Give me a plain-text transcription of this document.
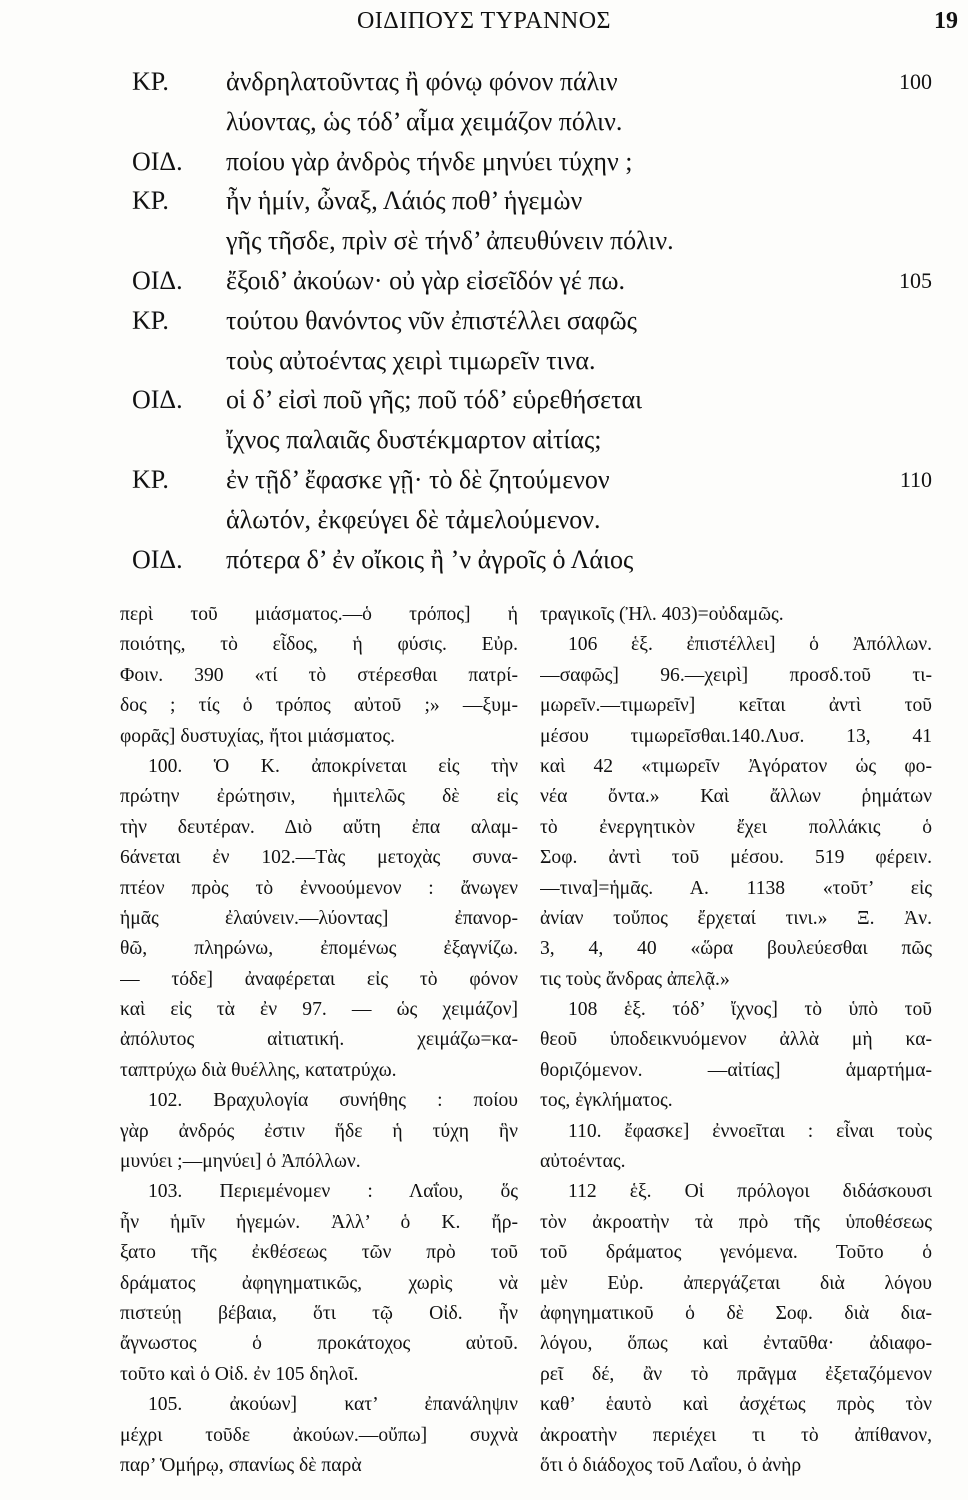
ΟΙΔΙΠΟΥΣ ΤΥΡΑΝΝΟΣ	19
ΚΡ. ἀνδρηλατοῦντας ἢ φόνῳ φόνον πάλιν	100
λύοντας, ὡς τόδ’ αἷμα χειμάζον πόλιν.
ΟΙΔ. ποίου γὰρ ἀνδρὸς τήνδε μηνύει τύχην ;
ΚΡ. ἦν ἡμίν, ὦναξ, Λάιός ποθ’ ἡγεμὼν
γῆς τῆσδε, πρὶν σὲ τήνδ’ ἀπευθύνειν πόλιν.
ΟΙΔ. ἔξοιδ’ ἀκούων· οὐ γὰρ εἰσεῖδόν γέ πω.	105
ΚΡ. τούτου θανόντος νῦν ἐπιστέλλει σαφῶς
τοὺς αὐτοέντας χειρὶ τιμωρεῖν τινα.
ΟΙΔ. οἱ δ’ εἰσὶ ποῦ γῆς; ποῦ τόδ’ εὑρεθήσεται
ἴχνος παλαιᾶς δυστέκμαρτον αἰτίας;
ΚΡ. ἐν τῇδ’ ἔφασκε γῇ· τὸ δὲ ζητούμενον	110
ἁλωτόν, ἐκφεύγει δὲ τἀμελούμενον.
ΟΙΔ. πότερα δ’ ἐν οἴκοις ἢ ’ν ἀγροῖς ὁ Λάιος
περὶ τοῦ μιάσματος.—ὁ τρόπος] ἡ
ποιότης, τὸ εἶδος, ἡ φύσις. Εὐρ.
Φοιν. 390 «τί τὸ στέρεσθαι πατρί-
δος ; τίς ὁ τρόπος αὐτοῦ ;» —ξυμ-
φορᾶς] δυστυχίας, ἤτοι μιάσματος.
100. Ὁ Κ. ἀποκρίνεται εἰς τὴν
πρώτην ἐρώτησιν, ἡμιτελῶς δὲ εἰς
τὴν δευτέραν. Διὸ αὔτη ἐπα αλαμ-
6άνεται ἐν 102.—Τὰς μετοχὰς συνα-
πτέον πρὸς τὸ ἐννοούμενον : ἄνωγεν
ἡμᾶς ἐλαύνειν.—λύοντας] ἐπανορ-
θῶ, πληρώνω, ἐπομένως ἐξαγνίζω.
— τόδε] ἀναφέρεται εἰς τὸ φόνον
καὶ εἰς τὰ ἐν 97. — ὡς χειμάζον]
ἀπόλυτος αἰτιατική. χειμάζω=κα-
ταπτρύχω διὰ θυέλλης, κατατρύχω.
102. Βραχυλογία συνήθης : ποίου
γὰρ ἀνδρός ἐστιν ἥδε ἡ τύχη ἣν
μυνύει ;—μηνύει] ὁ Ἀπόλλων.
103. Περιεμένομεν : Λαΐου, ὅς
ἦν ἡμῖν ἡγεμών. Ἀλλ’ ὁ Κ. ἤρ-
ξατο τῆς ἐκθέσεως τῶν πρὸ τοῦ
δράματος ἀφηγηματικῶς, χωρὶς νὰ
πιστεύῃ βέβαια, ὅτι τῷ Οἰδ. ἦν
ἄγνωστος ὁ προκάτοχος αὐτοῦ.
τοῦτο καὶ ὁ Οἰδ. ἐν 105 δηλοῖ.
105. ἀκούων] κατ’ ἐπανάληψιν
μέχρι τοῦδε ἀκούων.—οὔπω] συχνὰ
παρ’ Ὁμήρῳ, σπανίως δὲ παρὰ
τραγικοῖς (Ἠλ. 403)=οὐδαμῶς.
106 ἑξ. ἐπιστέλλει] ὁ Ἀπόλλων.
—σαφῶς] 96.—χειρὶ] προσδ.τοῦ τι-
μωρεῖν.—τιμωρεῖν] κεῖται ἀντὶ τοῦ
μέσου τιμωρεῖσθαι.140.Λυσ. 13, 41
καὶ 42 «τιμωρεῖν Ἀγόρατον ὡς φο-
νέα ὄντα.» Καὶ ἄλλων ῥημάτων
τὸ ἐνεργητικὸν ἔχει πολλάκις ὁ
Σοφ. ἀντὶ τοῦ μέσου. 519 φέρειν.
—τινα]=ἡμᾶς. Α. 1138 «τοῦτ’ εἰς
ἀνίαν τοὔπος ἔρχεταί τινι.» Ξ. Ἀν.
3, 4, 40 «ὥρα βουλεύεσθαι πῶς
τις τοὺς ἄνδρας ἀπελᾷ.»
108 ἑξ. τόδ’ ἴχνος] τὸ ὑπὸ τοῦ
θεοῦ ὑποδεικνυόμενον ἀλλὰ μὴ κα-
θοριζόμενον. —αἰτίας] ἁμαρτήμα-
τος, ἐγκλήματος.
110. ἔφασκε] ἐννοεῖται : εἶναι τοὺς
αὐτοέντας.
112 ἑξ. Οἱ πρόλογοι διδάσκουσι
τὸν ἀκροατὴν τὰ πρὸ τῆς ὑποθέσεως
τοῦ δράματος γενόμενα. Τοῦτο ὁ
μὲν Εὐρ. ἀπεργάζεται διὰ λόγου
ἀφηγηματικοῦ ὁ δὲ Σοφ. διὰ δια-
λόγου, ὅπως καὶ ἐνταῦθα· ἀδιαφο-
ρεῖ δέ, ἂν τὸ πρᾶγμα ἐξεταζόμενον
καθ’ ἑαυτὸ καὶ ἀσχέτως πρὸς τὸν
ἀκροατὴν περιέχει τι τὸ ἀπίθανον,
ὅτι ὁ διάδοχος τοῦ Λαΐου, ὁ ἀνὴρ
